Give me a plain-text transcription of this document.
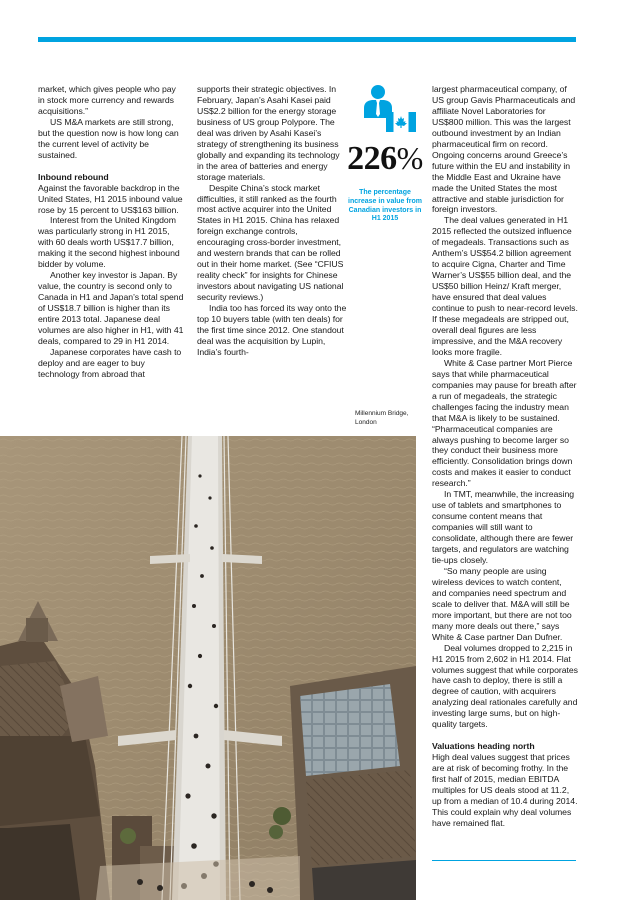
market, which gives people who pay in stock more currency and rewards acquisitions.”

US M&A markets are still strong, but the question now is how long can the current level of activity be sustained.

Inbound rebound

Against the favorable backdrop in the United States, H1 2015 inbound value rose by 15 percent to US$163 billion.

Interest from the United Kingdom was particularly strong in H1 2015, with 60 deals worth US$17.7 billion, making it the second highest inbound bidder by volume.

Another key investor is Japan. By value, the country is second only to Canada in H1 and Japan’s total spend of US$18.7 billion is higher than its entire 2013 total. Japanese deal volumes are also higher in H1, with 41 deals, compared to 29 in H1 2014.

Japanese corporates have cash to deploy and are eager to buy technology from abroad that

supports their strategic objectives. In February, Japan’s Asahi Kasei paid US$2.2 billion for the energy storage business of US group Polypore. The deal was driven by Asahi Kasei’s strategy of strengthening its business globally and expanding its technology in the area of batteries and energy storage materials.

Despite China’s stock market difficulties, it still ranked as the fourth most active acquirer into the United States in H1 2015. China has relaxed foreign exchange controls, encouraging cross-border investment, and western brands that can be rolled out in their home market. (See “CFIUS reality check” for insights for Chinese investors about navigating US national security reviews.)

India too has forced its way onto the top 10 buyers table (with ten deals) for the first time since 2012. One standout deal was the acquisition by Lupin, India’s fourth-

226%
The percentage increase in value from Canadian investors in H1 2015

largest pharmaceutical company, of US group Gavis Pharmaceuticals and affiliate Novel Laboratories for US$800 million. This was the largest outbound investment by an Indian pharmaceutical firm on record. Ongoing concerns around Greece’s future within the EU and instability in the Middle East and Ukraine have made the United States the most attractive and stable jurisdiction for foreign investors.

The deal values generated in H1 2015 reflected the outsized influence of megadeals. Transactions such as Anthem’s US$54.2 billion agreement to acquire Cigna, Charter and Time Warner’s US$55 billion deal, and the US$50 billion Heinz/ Kraft merger, have ensured that deal values continue to push to near-record levels. If these megadeals are stripped out, overall deal figures are less impressive, and the M&A recovery looks more fragile.

White & Case partner Mort Pierce says that while pharmaceutical companies may pause for breath after a run of megadeals, the strategic challenges facing the industry mean that M&A is likely to be sustained. “Pharmaceutical companies are always pushing to become larger so they conduct their business more efficiently. Consolidation brings down costs and makes it easier to conduct research.”

In TMT, meanwhile, the increasing use of tablets and smartphones to consume content means that companies will still want to consolidate, although there are fewer targets, and regulators are watching tie-ups closely.

“So many people are using wireless devices to watch content, and companies need spectrum and scale to deliver that. M&A will still be more important, but there are not too many more deals out there,” says White & Case partner Dan Dufner.

Deal volumes dropped to 2,215 in H1 2015 from 2,602 in H1 2014. Flat volumes suggest that while corporates have cash to deploy, there is still a degree of caution, with acquirers analyzing deal rationales carefully and investing large sums, but on high-quality targets.

Valuations heading north

High deal values suggest that prices are at risk of becoming frothy. In the first half of 2015, median EBITDA multiples for US deals stood at 11.2, up from a median of 10.4 during 2014. This could explain why deal volumes have remained flat.

Millennium Bridge, London
